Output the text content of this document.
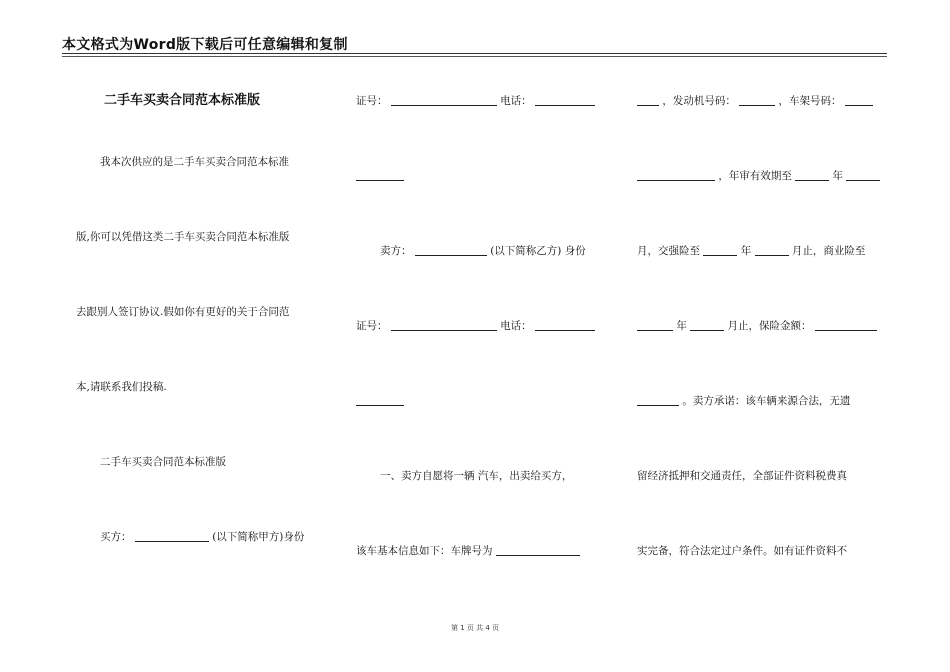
本文格式为Word版下载后可任意编辑和复制
二手车买卖合同范本标准版
我本次供应的是二手车买卖合同范本标准
版,你可以凭借这类二手车买卖合同范本标准版
去跟别人签订协议.假如你有更好的关于合同范
本,请联系我们投稿.
二手车买卖合同范本标准版
买方：	(以下简称甲方)身份
证号：	电话：
卖方：	(以下简称乙方) 身份
证号：	电话：
一、卖方自愿将一辆 汽车，出卖给买方，
该车基本信息如下：车牌号为
，发动机号码：	，车架号码：
，年审有效期至	年
月，交强险至	年	月止，商业险至
年	月止，保险金额：
。卖方承诺：该车辆来源合法，无遗
留经济抵押和交通责任，全部证件资料税费真
实完备，符合法定过户条件。如有证件资料不
第 1 页 共 4 页
